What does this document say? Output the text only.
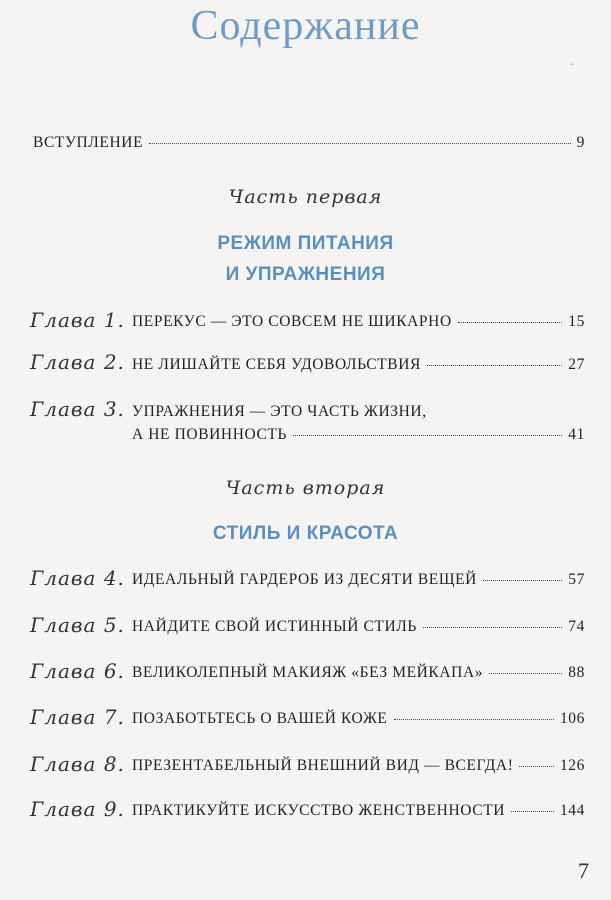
Содержание
ˆ
ВСТУПЛЕНИЕ	9
Часть первая
РЕЖИМ ПИТАНИЯ
И УПРАЖНЕНИЯ
Глава 1. ПЕРЕКУС — ЭТО СОВСЕМ НЕ ШИКАРНО	15
Глава 2. НЕ ЛИШАЙТЕ СЕБЯ УДОВОЛЬСТВИЯ	27
Глава 3. УПРАЖНЕНИЯ — ЭТО ЧАСТЬ ЖИЗНИ,
А НЕ ПОВИННОСТЬ	41
Часть вторая
СТИЛЬ И КРАСОТА
Глава 4. ИДЕАЛЬНЫЙ ГАРДЕРОБ ИЗ ДЕСЯТИ ВЕЩЕЙ	57
Глава 5. НАЙДИТЕ СВОЙ ИСТИННЫЙ СТИЛЬ	74
Глава 6. ВЕЛИКОЛЕПНЫЙ МАКИЯЖ «БЕЗ МЕЙКАПА»	88
Глава 7. ПОЗАБОТЬТЕСЬ О ВАШЕЙ КОЖЕ	106
Глава 8. ПРЕЗЕНТАБЕЛЬНЫЙ ВНЕШНИЙ ВИД — ВСЕГДА!	126
Глава 9. ПРАКТИКУЙТЕ ИСКУССТВО ЖЕНСТВЕННОСТИ	144
7
